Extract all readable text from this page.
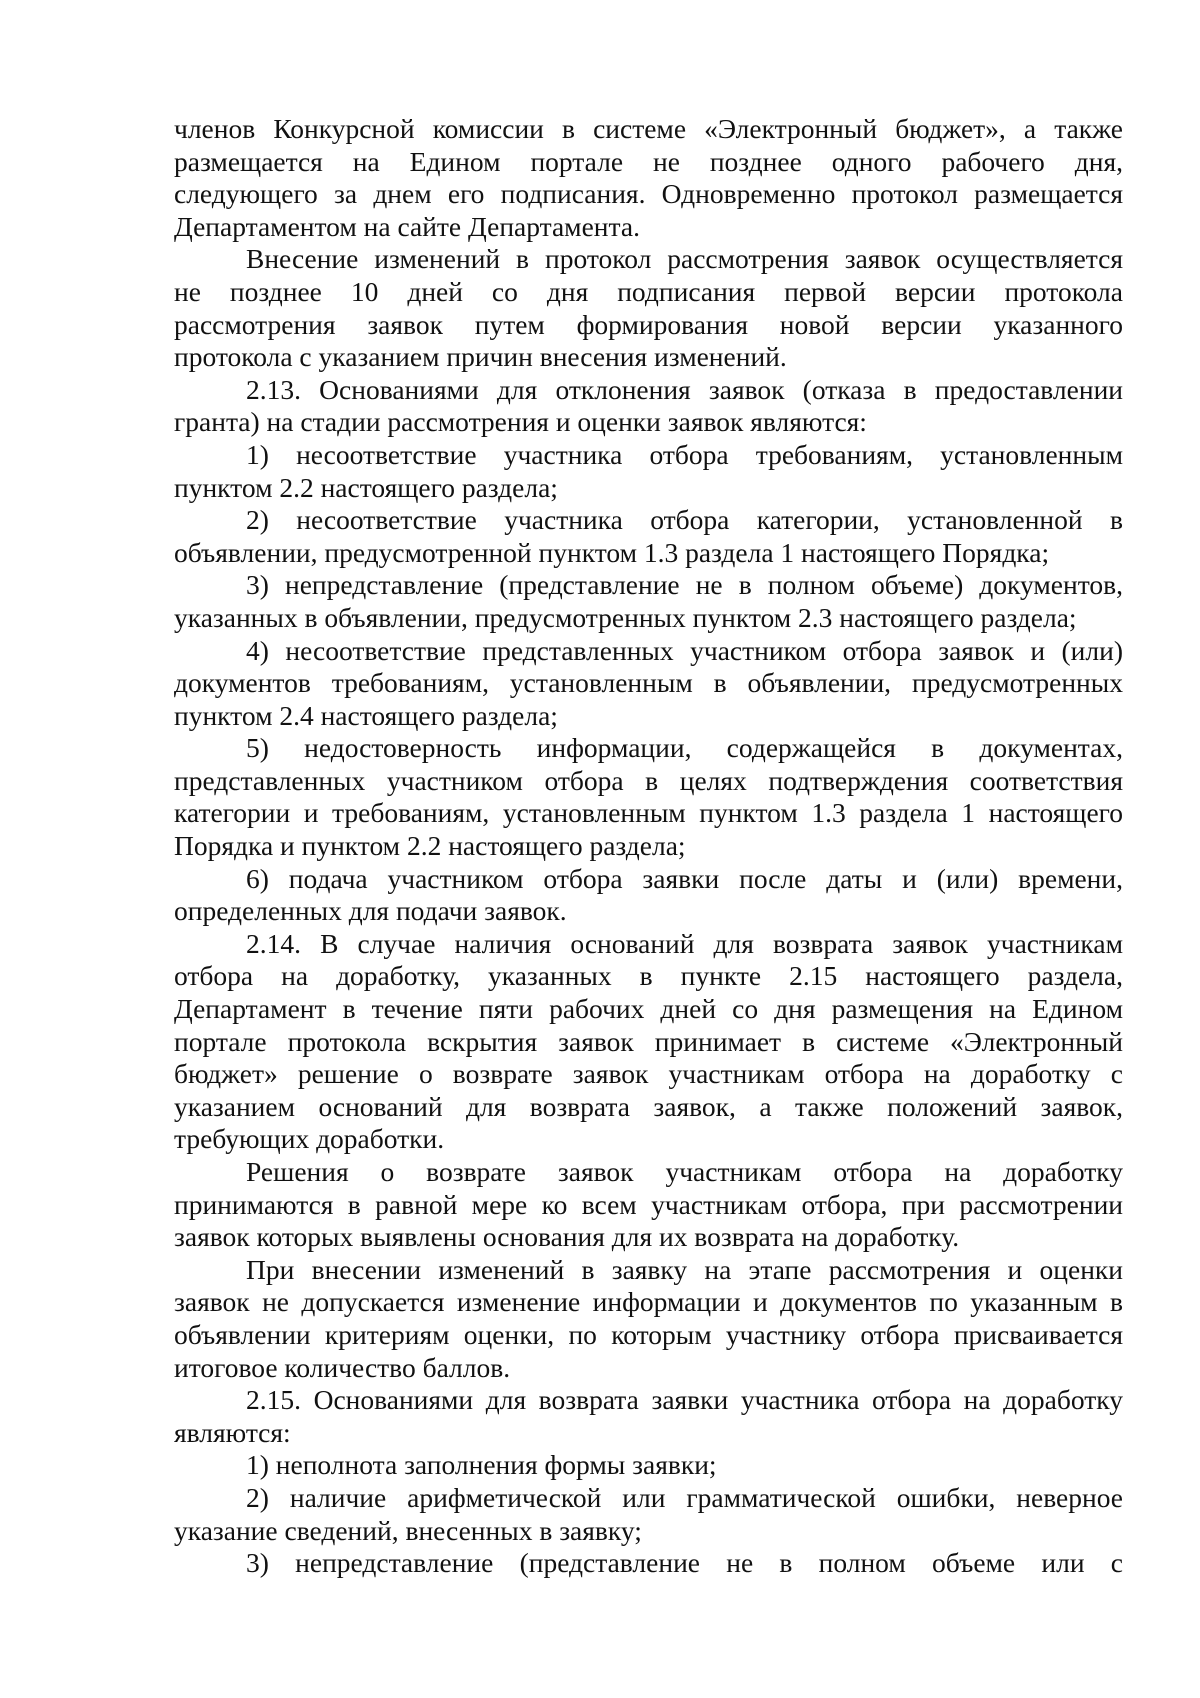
членов Конкурсной комиссии в системе «Электронный бюджет», а также
размещается на Едином портале не позднее одного рабочего дня,
следующего за днем его подписания. Одновременно протокол размещается
Департаментом на сайте Департамента.

Внесение изменений в протокол рассмотрения заявок осуществляется
не позднее 10 дней со дня подписания первой версии протокола
рассмотрения заявок путем формирования новой версии указанного
протокола с указанием причин внесения изменений.

2.13. Основаниями для отклонения заявок (отказа в предоставлении
гранта) на стадии рассмотрения и оценки заявок являются:

1) несоответствие участника отбора требованиям, установленным
пунктом 2.2 настоящего раздела;

2) несоответствие участника отбора категории, установленной в
объявлении, предусмотренной пунктом 1.3 раздела 1 настоящего Порядка;

3) непредставление (представление не в полном объеме) документов,
указанных в объявлении, предусмотренных пунктом 2.3 настоящего раздела;

4) несоответствие представленных участником отбора заявок и (или)
документов требованиям, установленным в объявлении, предусмотренных
пунктом 2.4 настоящего раздела;

5) недостоверность информации, содержащейся в документах,
представленных участником отбора в целях подтверждения соответствия
категории и требованиям, установленным пунктом 1.3 раздела 1 настоящего
Порядка и пунктом 2.2 настоящего раздела;

6) подача участником отбора заявки после даты и (или) времени,
определенных для подачи заявок.

2.14. В случае наличия оснований для возврата заявок участникам
отбора на доработку, указанных в пункте 2.15 настоящего раздела,
Департамент в течение пяти рабочих дней со дня размещения на Едином
портале протокола вскрытия заявок принимает в системе «Электронный
бюджет» решение о возврате заявок участникам отбора на доработку с
указанием оснований для возврата заявок, а также положений заявок,
требующих доработки.

Решения о возврате заявок участникам отбора на доработку
принимаются в равной мере ко всем участникам отбора, при рассмотрении
заявок которых выявлены основания для их возврата на доработку.

При внесении изменений в заявку на этапе рассмотрения и оценки
заявок не допускается изменение информации и документов по указанным в
объявлении критериям оценки, по которым участнику отбора присваивается
итоговое количество баллов.

2.15. Основаниями для возврата заявки участника отбора на доработку
являются:

1) неполнота заполнения формы заявки;

2) наличие арифметической или грамматической ошибки, неверное
указание сведений, внесенных в заявку;

3) непредставление (представление не в полном объеме или с
